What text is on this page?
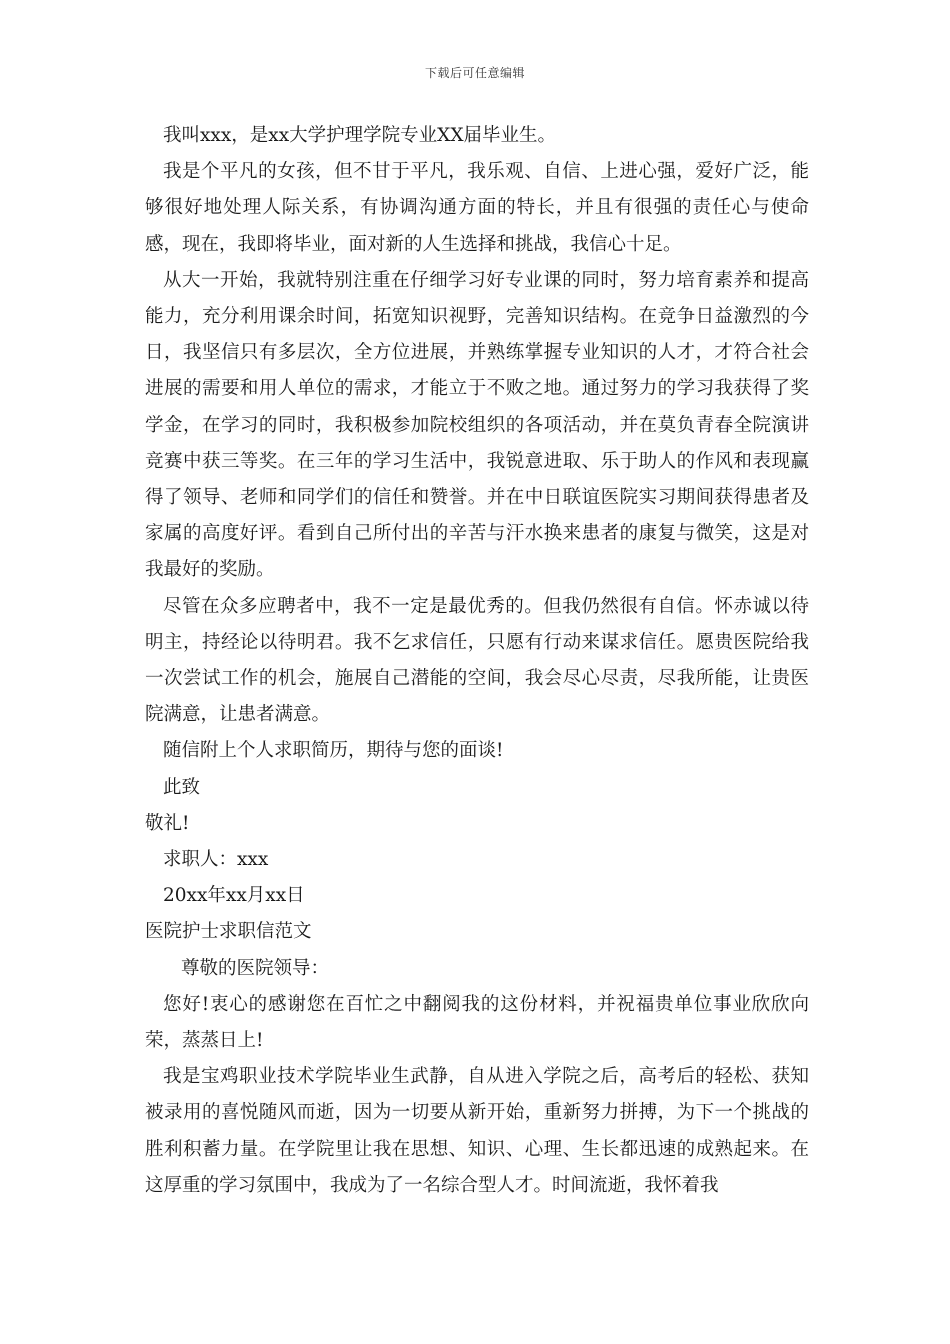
下载后可任意编辑

我叫xxx，是xx大学护理学院专业XX届毕业生。

我是个平凡的女孩，但不甘于平凡，我乐观、自信、上进心强，爱好广泛，能够很好地处理人际关系，有协调沟通方面的特长，并且有很强的责任心与使命感，现在，我即将毕业，面对新的人生选择和挑战，我信心十足。

从大一开始，我就特别注重在仔细学习好专业课的同时，努力培育素养和提高能力，充分利用课余时间，拓宽知识视野，完善知识结构。在竞争日益激烈的今日，我坚信只有多层次，全方位进展，并熟练掌握专业知识的人才，才符合社会进展的需要和用人单位的需求，才能立于不败之地。通过努力的学习我获得了奖学金，在学习的同时，我积极参加院校组织的各项活动，并在莫负青春全院演讲竞赛中获三等奖。在三年的学习生活中，我锐意进取、乐于助人的作风和表现赢得了领导、老师和同学们的信任和赞誉。并在中日联谊医院实习期间获得患者及家属的高度好评。看到自己所付出的辛苦与汗水换来患者的康复与微笑，这是对我最好的奖励。

尽管在众多应聘者中，我不一定是最优秀的。但我仍然很有自信。怀赤诚以待明主，持经论以待明君。我不乞求信任，只愿有行动来谋求信任。愿贵医院给我一次尝试工作的机会，施展自己潜能的空间，我会尽心尽责，尽我所能，让贵医院满意，让患者满意。

随信附上个人求职简历，期待与您的面谈!

此致

敬礼!

求职人：xxx

20xx年xx月xx日

医院护士求职信范文

尊敬的医院领导：

您好!衷心的感谢您在百忙之中翻阅我的这份材料，并祝福贵单位事业欣欣向荣，蒸蒸日上!

我是宝鸡职业技术学院毕业生武静，自从进入学院之后，高考后的轻松、获知被录用的喜悦随风而逝，因为一切要从新开始，重新努力拼搏，为下一个挑战的胜利积蓄力量。在学院里让我在思想、知识、心理、生长都迅速的成熟起来。在这厚重的学习氛围中，我成为了一名综合型人才。时间流逝，我怀着我
